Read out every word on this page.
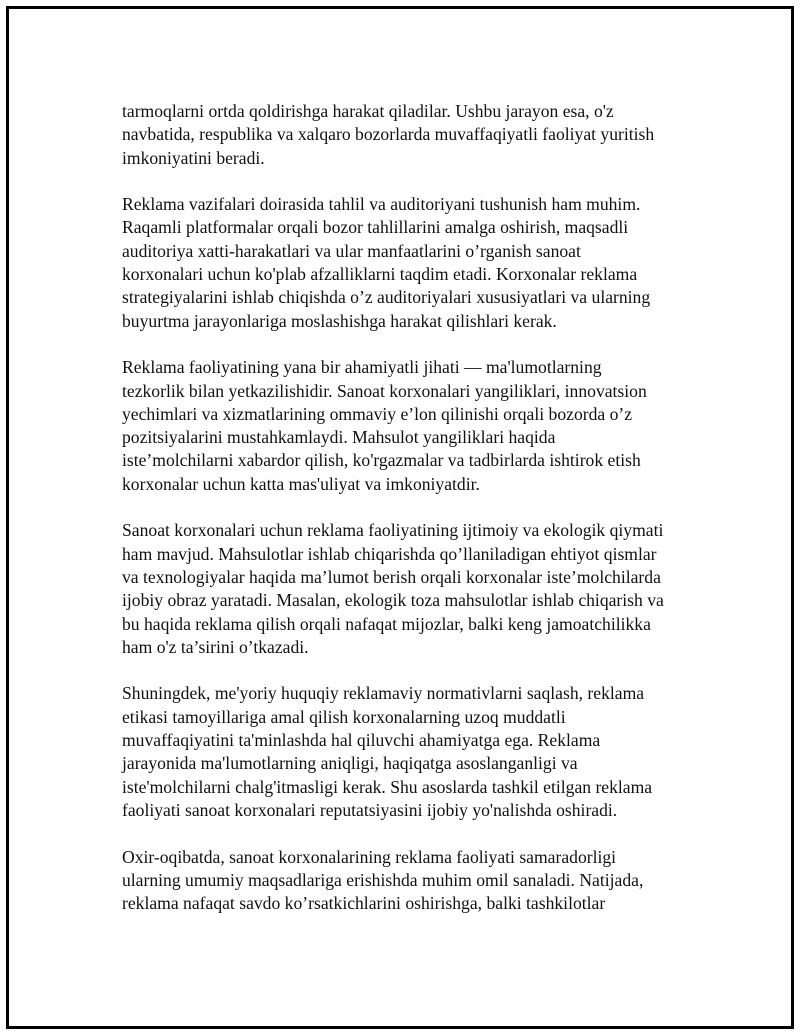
tarmoqlarni ortda qoldirishga harakat qiladilar. Ushbu jarayon esa, o'z
navbatida, respublika va xalqaro bozorlarda muvaffaqiyatli faoliyat yuritish
imkoniyatini beradi.

Reklama vazifalari doirasida tahlil va auditoriyani tushunish ham muhim.
Raqamli platformalar orqali bozor tahlillarini amalga oshirish, maqsadli
auditoriya xatti-harakatlari va ular manfaatlarini o’rganish sanoat
korxonalari uchun ko'plab afzalliklarni taqdim etadi. Korxonalar reklama
strategiyalarini ishlab chiqishda o’z auditoriyalari xususiyatlari va ularning
buyurtma jarayonlariga moslashishga harakat qilishlari kerak.

Reklama faoliyatining yana bir ahamiyatli jihati — ma'lumotlarning
tezkorlik bilan yetkazilishidir. Sanoat korxonalari yangiliklari, innovatsion
yechimlari va xizmatlarining ommaviy e’lon qilinishi orqali bozorda o’z
pozitsiyalarini mustahkamlaydi. Mahsulot yangiliklari haqida
iste’molchilarni xabardor qilish, ko'rgazmalar va tadbirlarda ishtirok etish
korxonalar uchun katta mas'uliyat va imkoniyatdir.

Sanoat korxonalari uchun reklama faoliyatining ijtimoiy va ekologik qiymati
ham mavjud. Mahsulotlar ishlab chiqarishda qo’llaniladigan ehtiyot qismlar
va texnologiyalar haqida ma’lumot berish orqali korxonalar iste’molchilarda
ijobiy obraz yaratadi. Masalan, ekologik toza mahsulotlar ishlab chiqarish va
bu haqida reklama qilish orqali nafaqat mijozlar, balki keng jamoatchilikka
ham o'z ta’sirini o’tkazadi.

Shuningdek, me'yoriy huquqiy reklamaviy normativlarni saqlash, reklama
etikasi tamoyillariga amal qilish korxonalarning uzoq muddatli
muvaffaqiyatini ta'minlashda hal qiluvchi ahamiyatga ega. Reklama
jarayonida ma'lumotlarning aniqligi, haqiqatga asoslanganligi va
iste'molchilarni chalg'itmasligi kerak. Shu asoslarda tashkil etilgan reklama
faoliyati sanoat korxonalari reputatsiyasini ijobiy yo'nalishda oshiradi.

Oxir-oqibatda, sanoat korxonalarining reklama faoliyati samaradorligi
ularning umumiy maqsadlariga erishishda muhim omil sanaladi. Natijada,
reklama nafaqat savdo ko’rsatkichlarini oshirishga, balki tashkilotlar
